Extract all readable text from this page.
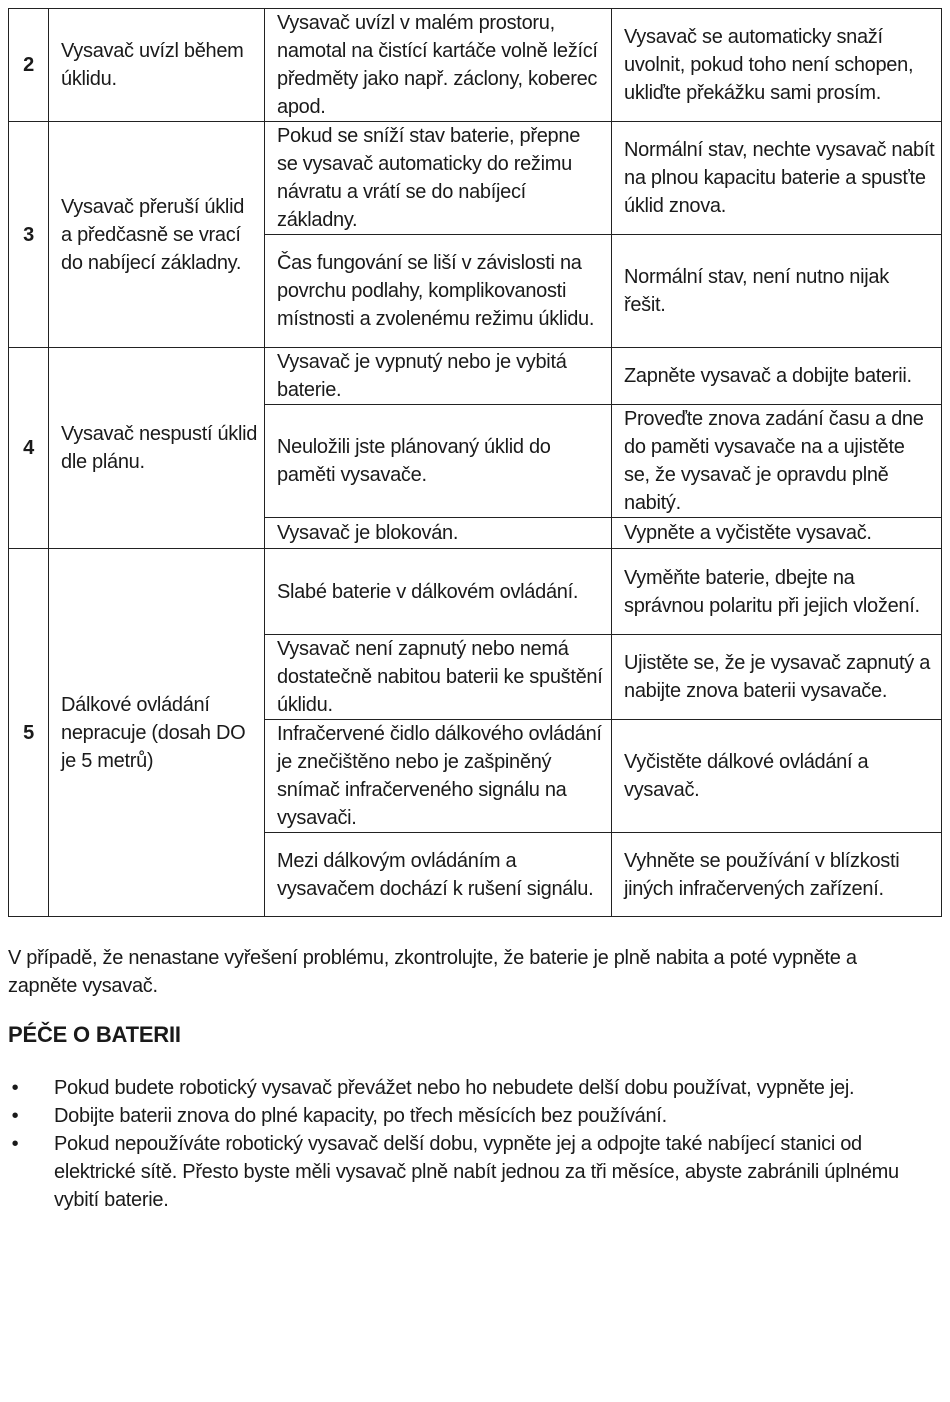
2	Vysavač uvízl během úklidu.	Vysavač uvízl v malém prostoru, namotal na čistící kartáče volně ležící předměty jako např. záclony, koberec apod.	Vysavač se automaticky snaží uvolnit, pokud toho není schopen, ukliďte překážku sami prosím.
3	Vysavač přeruší úklid a předčasně se vrací do nabíjecí základny.	Pokud se sníží stav baterie, přepne se vysavač automaticky do režimu návratu a vrátí se do nabíjecí základny.	Normální stav, nechte vysavač nabít na plnou kapacitu baterie a spusťte úklid znova.
		Čas fungování se liší v závislosti na povrchu podlahy, komplikovanosti místnosti a zvolenému režimu úklidu.	Normální stav, není nutno nijak řešit.
4	Vysavač nespustí úklid dle plánu.	Vysavač je vypnutý nebo je vybitá baterie.	Zapněte vysavač a dobijte baterii.
		Neuložili jste plánovaný úklid do paměti vysavače.	Proveďte znova zadání času a dne do paměti vysavače na a ujistěte se, že vysavač je opravdu plně nabitý.
		Vysavač je blokován.	Vypněte a vyčistěte vysavač.
5	Dálkové ovládání nepracuje (dosah DO je 5 metrů)	Slabé baterie v dálkovém ovládání.	Vyměňte baterie, dbejte na správnou polaritu při jejich vložení.
		Vysavač není zapnutý nebo nemá dostatečně nabitou baterii ke spuštění úklidu.	Ujistěte se, že je vysavač zapnutý a nabijte znova baterii vysavače.
		Infračervené čidlo dálkového ovládání je znečištěno nebo je zašpiněný snímač infračerveného signálu na vysavači.	Vyčistěte dálkové ovládání a vysavač.
		Mezi dálkovým ovládáním a vysavačem dochází k rušení signálu.	Vyhněte se používání v blízkosti jiných infračervených zařízení.

V případě, že nenastane vyřešení problému, zkontrolujte, že baterie je plně nabita a poté vypněte a zapněte vysavač.

PÉČE O BATERII
• Pokud budete robotický vysavač převážet nebo ho nebudete delší dobu používat, vypněte jej.
• Dobijte baterii znova do plné kapacity, po třech měsících bez používání.
• Pokud nepoužíváte robotický vysavač delší dobu, vypněte jej a odpojte také nabíjecí stanici od elektrické sítě. Přesto byste měli vysavač plně nabít jednou za tři měsíce, abyste zabránili úplnému vybití baterie.
